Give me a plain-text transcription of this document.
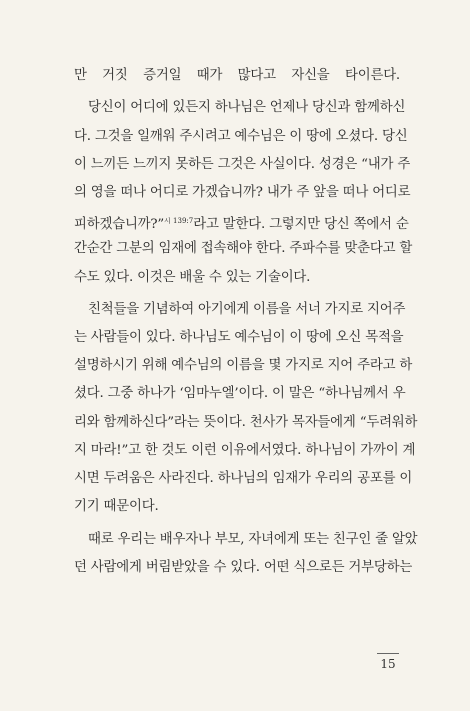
만 거짓 증거일 때가 많다고 자신을 타이른다.
당신이 어디에 있든지 하나님은 언제나 당신과 함께하신
다. 그것을 일깨워 주시려고 예수님은 이 땅에 오셨다. 당신
이 느끼든 느끼지 못하든 그것은 사실이다. 성경은 “내가 주
의 영을 떠나 어디로 가겠습니까? 내가 주 앞을 떠나 어디로
피하겠습니까?”$^{시 139:7}$라고 말한다. 그렇지만 당신 쪽에서 순
간순간 그분의 임재에 접속해야 한다. 주파수를 맞춘다고 할
수도 있다. 이것은 배울 수 있는 기술이다.
친척들을 기념하여 아기에게 이름을 서너 가지로 지어주
는 사람들이 있다. 하나님도 예수님이 이 땅에 오신 목적을
설명하시기 위해 예수님의 이름을 몇 가지로 지어 주라고 하
셨다. 그중 하나가 ‘임마누엘’이다. 이 말은 “하나님께서 우
리와 함께하신다”라는 뜻이다. 천사가 목자들에게 “두려워하
지 마라!”고 한 것도 이런 이유에서였다. 하나님이 가까이 계
시면 두려움은 사라진다. 하나님의 임재가 우리의 공포를 이
기기 때문이다.
때로 우리는 배우자나 부모, 자녀에게 또는 친구인 줄 알았
던 사람에게 버림받았을 수 있다. 어떤 식으로든 거부당하는
15
